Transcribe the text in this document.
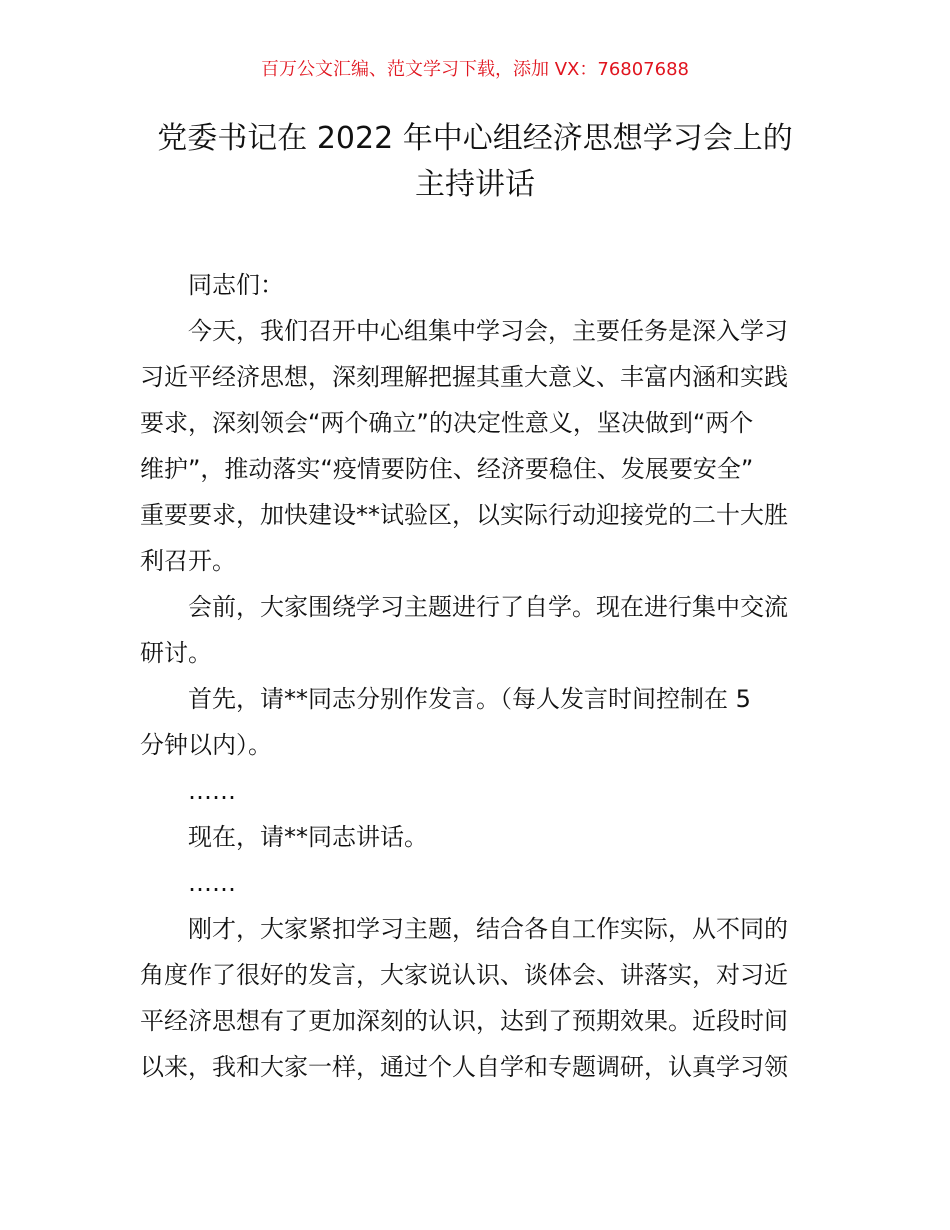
百万公文汇编、范文学习下载，添加 VX：76807688
党委书记在 2022 年中心组经济思想学习会上的
主持讲话

同志们：

今天，我们召开中心组集中学习会，主要任务是深入学习
习近平经济思想，深刻理解把握其重大意义、丰富内涵和实践
要求，深刻领会“两个确立”的决定性意义，坚决做到“两个
维护”，推动落实“疫情要防住、经济要稳住、发展要安全”
重要要求，加快建设**试验区，以实际行动迎接党的二十大胜
利召开。

会前，大家围绕学习主题进行了自学。现在进行集中交流
研讨。

首先，请**同志分别作发言。（每人发言时间控制在 5
分钟以内）。

……

现在，请**同志讲话。

……

刚才，大家紧扣学习主题，结合各自工作实际，从不同的
角度作了很好的发言，大家说认识、谈体会、讲落实，对习近
平经济思想有了更加深刻的认识，达到了预期效果。近段时间
以来，我和大家一样，通过个人自学和专题调研，认真学习领
